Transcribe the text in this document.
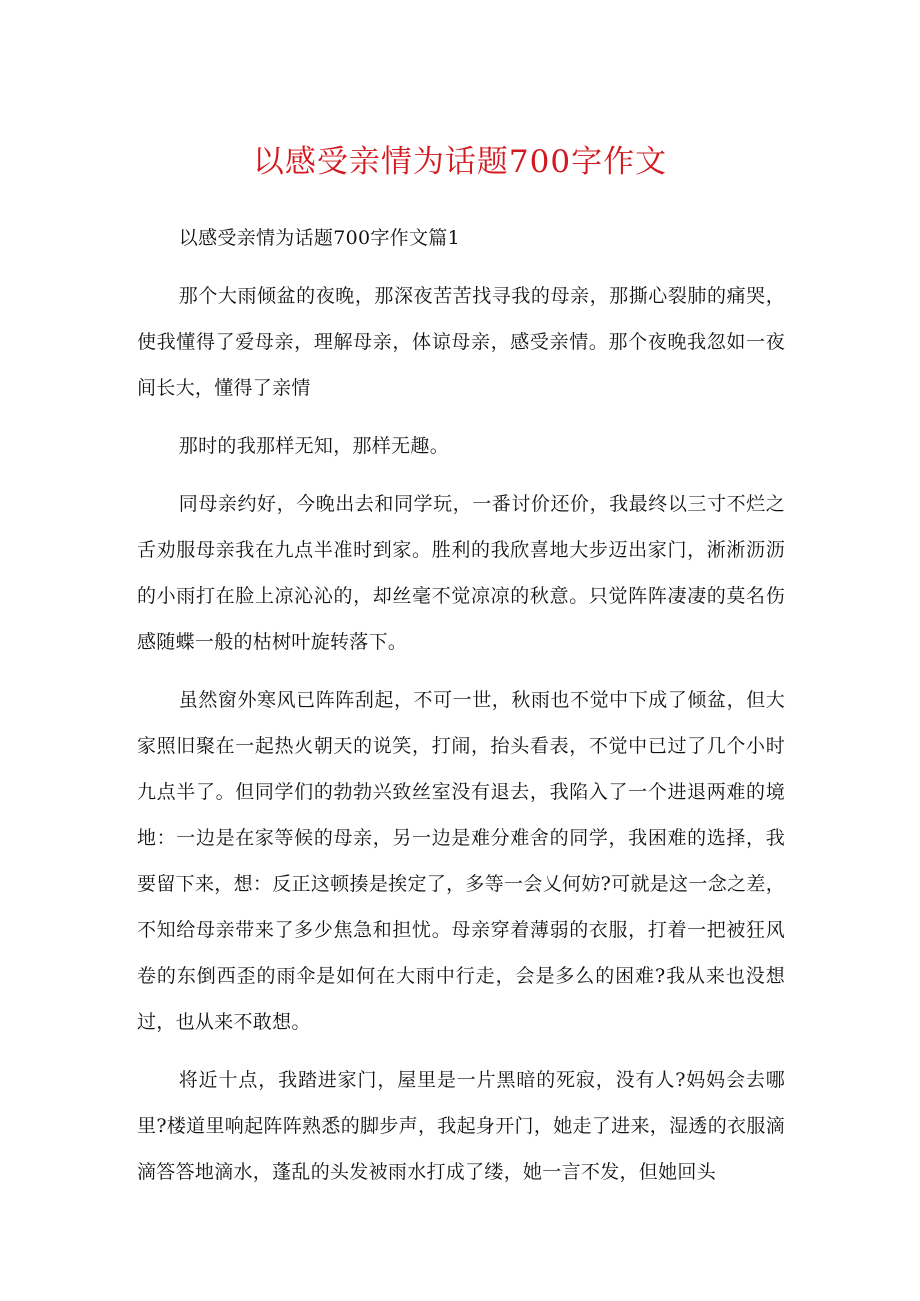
以感受亲情为话题700字作文

以感受亲情为话题700字作文篇1

那个大雨倾盆的夜晚，那深夜苦苦找寻我的母亲，那撕心裂肺的痛哭，使我懂得了爱母亲，理解母亲，体谅母亲，感受亲情。那个夜晚我忽如一夜间长大，懂得了亲情

那时的我那样无知，那样无趣。

同母亲约好，今晚出去和同学玩，一番讨价还价，我最终以三寸不烂之舌劝服母亲我在九点半准时到家。胜利的我欣喜地大步迈出家门，淅淅沥沥的小雨打在脸上凉沁沁的，却丝毫不觉凉凉的秋意。只觉阵阵凄凄的莫名伤感随蝶一般的枯树叶旋转落下。

虽然窗外寒风已阵阵刮起，不可一世，秋雨也不觉中下成了倾盆，但大家照旧聚在一起热火朝天的说笑，打闹，抬头看表，不觉中已过了几个小时九点半了。但同学们的勃勃兴致丝室没有退去，我陷入了一个进退两难的境地：一边是在家等候的母亲，另一边是难分难舍的同学，我困难的选择，我要留下来，想：反正这顿揍是挨定了，多等一会乂何妨?可就是这一念之差，不知给母亲带来了多少焦急和担忧。母亲穿着薄弱的衣服，打着一把被狂风卷的东倒西歪的雨伞是如何在大雨中行走，会是多么的困难?我从来也没想过，也从来不敢想。

将近十点，我踏进家门，屋里是一片黑暗的死寂，没有人?妈妈会去哪里?楼道里响起阵阵熟悉的脚步声，我起身开门，她走了进来，湿透的衣服滴滴答答地滴水，蓬乱的头发被雨水打成了缕，她一言不发，但她回头
